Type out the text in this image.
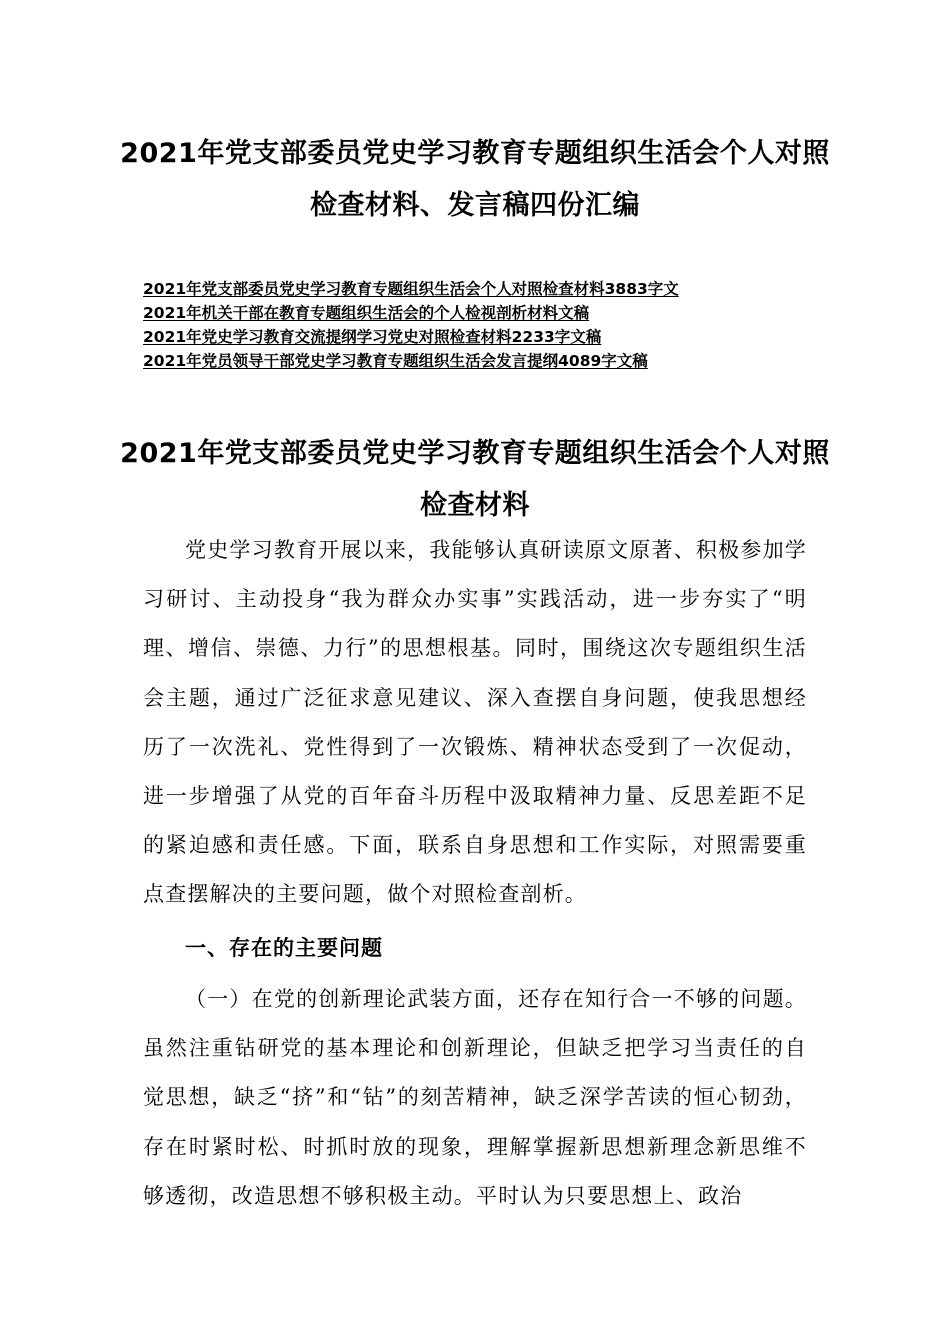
2021年党支部委员党史学习教育专题组织生活会个人对照检查材料、发言稿四份汇编
2021年党支部委员党史学习教育专题组织生活会个人对照检查材料3883字文
2021年机关干部在教育专题组织生活会的个人检视剖析材料文稿
2021年党史学习教育交流提纲学习党史对照检查材料2233字文稿
2021年党员领导干部党史学习教育专题组织生活会发言提纲4089字文稿
2021年党支部委员党史学习教育专题组织生活会个人对照检查材料

党史学习教育开展以来，我能够认真研读原文原著、积极参加学习研讨、主动投身“我为群众办实事”实践活动，进一步夯实了“明理、增信、崇德、力行”的思想根基。同时，围绕这次专题组织生活会主题，通过广泛征求意见建议、深入查摆自身问题，使我思想经历了一次洗礼、党性得到了一次锻炼、精神状态受到了一次促动，进一步增强了从党的百年奋斗历程中汲取精神力量、反思差距不足的紧迫感和责任感。下面，联系自身思想和工作实际，对照需要重点查摆解决的主要问题，做个对照检查剖析。

一、存在的主要问题

（一）在党的创新理论武装方面，还存在知行合一不够的问题。虽然注重钻研党的基本理论和创新理论，但缺乏把学习当责任的自觉思想，缺乏“挤”和“钻”的刻苦精神，缺乏深学苦读的恒心韧劲，存在时紧时松、时抓时放的现象，理解掌握新思想新理念新思维不够透彻，改造思想不够积极主动。平时认为只要思想上、政治
